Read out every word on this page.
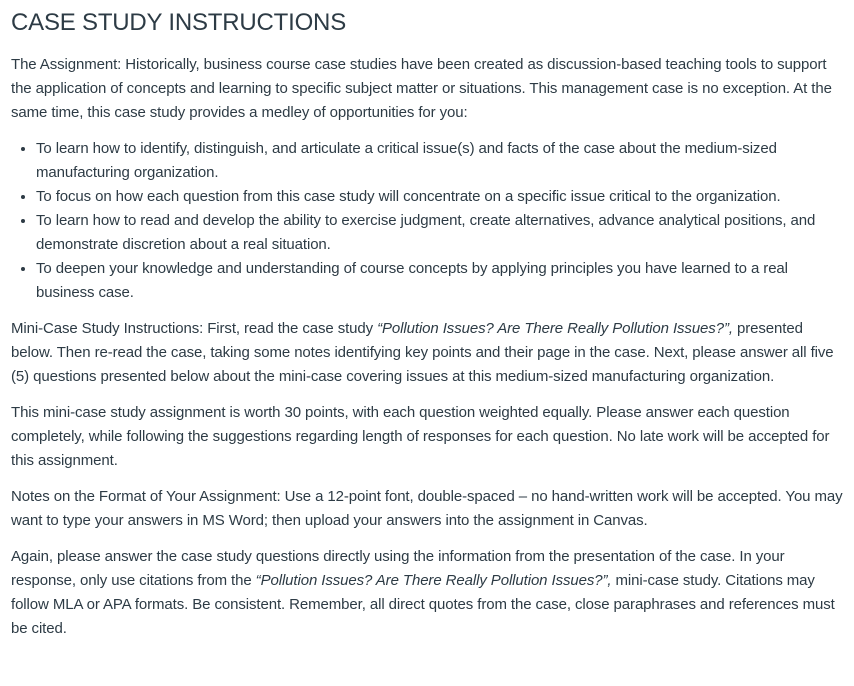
CASE STUDY INSTRUCTIONS

The Assignment: Historically, business course case studies have been created as discussion-based teaching tools to support the application of concepts and learning to specific subject matter or situations. This management case is no exception. At the same time, this case study provides a medley of opportunities for you:

• To learn how to identify, distinguish, and articulate a critical issue(s) and facts of the case about the medium-sized manufacturing organization.
• To focus on how each question from this case study will concentrate on a specific issue critical to the organization.
• To learn how to read and develop the ability to exercise judgment, create alternatives, advance analytical positions, and demonstrate discretion about a real situation.
• To deepen your knowledge and understanding of course concepts by applying principles you have learned to a real business case.

Mini-Case Study Instructions: First, read the case study “Pollution Issues? Are There Really Pollution Issues?”, presented below. Then re-read the case, taking some notes identifying key points and their page in the case. Next, please answer all five (5) questions presented below about the mini-case covering issues at this medium-sized manufacturing organization.

This mini-case study assignment is worth 30 points, with each question weighted equally. Please answer each question completely, while following the suggestions regarding length of responses for each question. No late work will be accepted for this assignment.

Notes on the Format of Your Assignment: Use a 12-point font, double-spaced – no hand-written work will be accepted. You may want to type your answers in MS Word; then upload your answers into the assignment in Canvas.

Again, please answer the case study questions directly using the information from the presentation of the case. In your response, only use citations from the “Pollution Issues? Are There Really Pollution Issues?”, mini-case study. Citations may follow MLA or APA formats. Be consistent. Remember, all direct quotes from the case, close paraphrases and references must be cited.
